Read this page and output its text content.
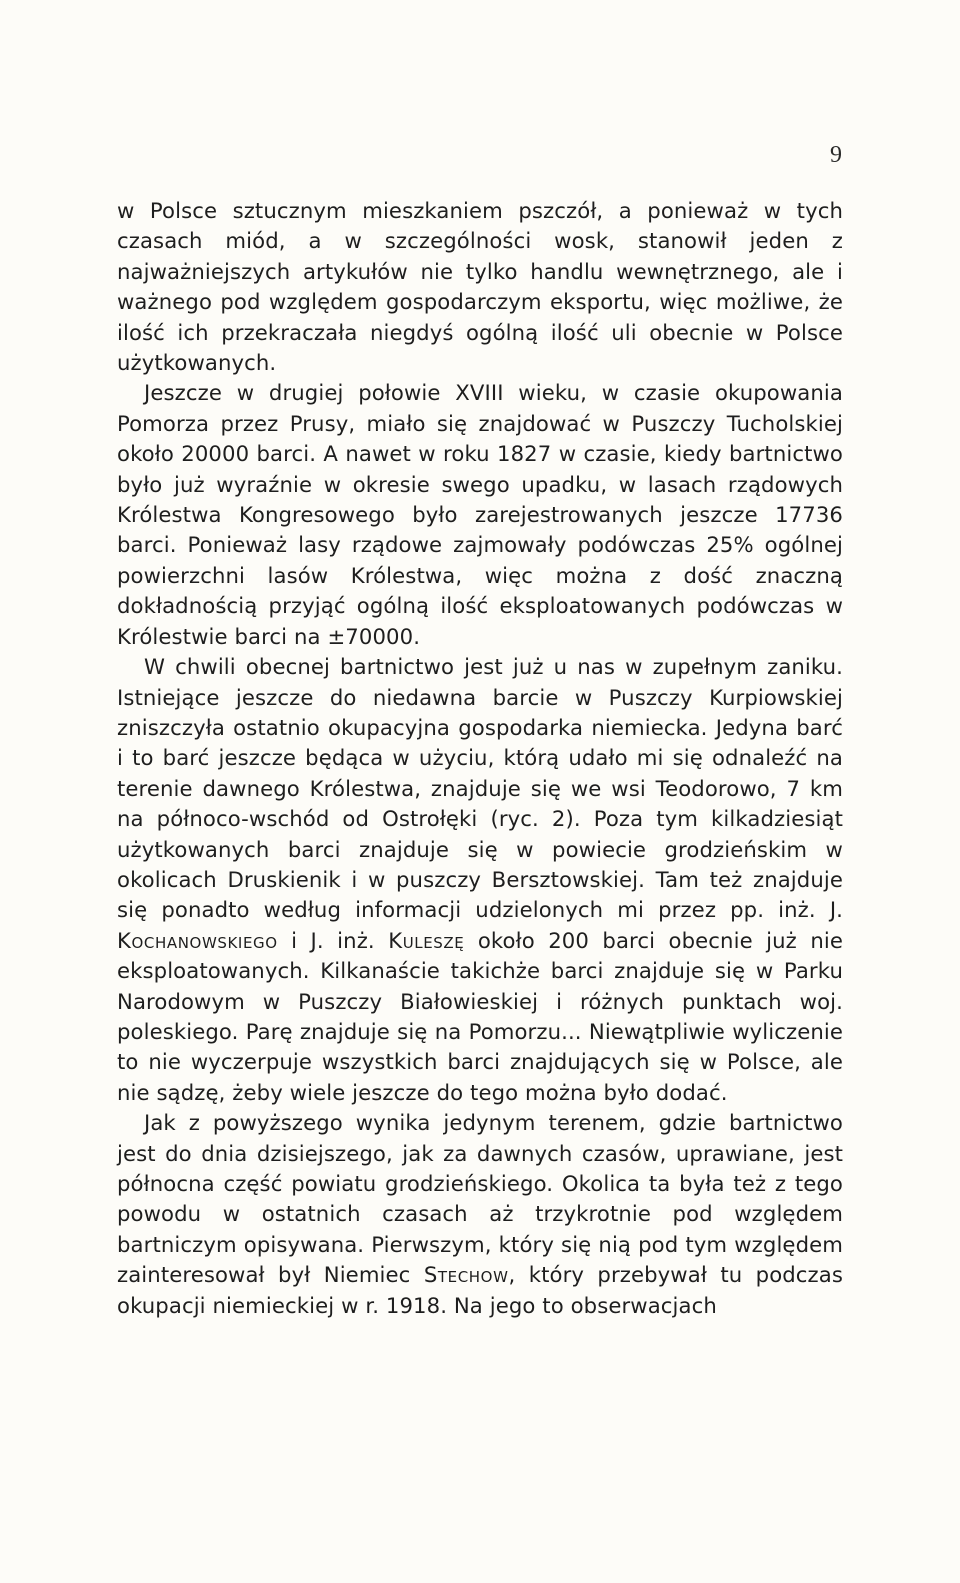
9

w Polsce sztucznym mieszkaniem pszczół, a ponieważ w tych czasach miód, a w szczególności wosk, stanowił jeden z najważniejszych artykułów nie tylko handlu wewnętrznego, ale i ważnego pod względem gospodarczym eksportu, więc możliwe, że ilość ich przekraczała niegdyś ogólną ilość uli obecnie w Polsce użytkowanych.

Jeszcze w drugiej połowie XVIII wieku, w czasie okupowania Pomorza przez Prusy, miało się znajdować w Puszczy Tucholskiej około 20000 barci. A nawet w roku 1827 w czasie, kiedy bartnictwo było już wyraźnie w okresie swego upadku, w lasach rządowych Królestwa Kongresowego było zarejestrowanych jeszcze 17736 barci. Ponieważ lasy rządowe zajmowały podówczas 25% ogólnej powierzchni lasów Królestwa, więc można z dość znaczną dokładnością przyjąć ogólną ilość eksploatowanych podówczas w Królestwie barci na ±70000.

W chwili obecnej bartnictwo jest już u nas w zupełnym zaniku. Istniejące jeszcze do niedawna barcie w Puszczy Kurpiowskiej zniszczyła ostatnio okupacyjna gospodarka niemiecka. Jedyna barć i to barć jeszcze będąca w użyciu, którą udało mi się odnaleźć na terenie dawnego Królestwa, znajduje się we wsi Teodorowo, 7 km na północo-wschód od Ostrołęki (ryc. 2). Poza tym kilkadziesiąt użytkowanych barci znajduje się w powiecie grodzieńskim w okolicach Druskienik i w puszczy Bersztowskiej. Tam też znajduje się ponadto według informacji udzielonych mi przez pp. inż. J. Kochanowskiego i J. inż. Kuleszę około 200 barci obecnie już nie eksploatowanych. Kilkanaście takichże barci znajduje się w Parku Narodowym w Puszczy Białowieskiej i różnych punktach woj. poleskiego. Parę znajduje się na Pomorzu... Niewątpliwie wyliczenie to nie wyczerpuje wszystkich barci znajdujących się w Polsce, ale nie sądzę, żeby wiele jeszcze do tego można było dodać.

Jak z powyższego wynika jedynym terenem, gdzie bartnictwo jest do dnia dzisiejszego, jak za dawnych czasów, uprawiane, jest północna część powiatu grodzieńskiego. Okolica ta była też z tego powodu w ostatnich czasach aż trzykrotnie pod względem bartniczym opisywana. Pierwszym, który się nią pod tym względem zainteresował był Niemiec Stechow, który przebywał tu podczas okupacji niemieckiej w r. 1918. Na jego to obserwacjach
